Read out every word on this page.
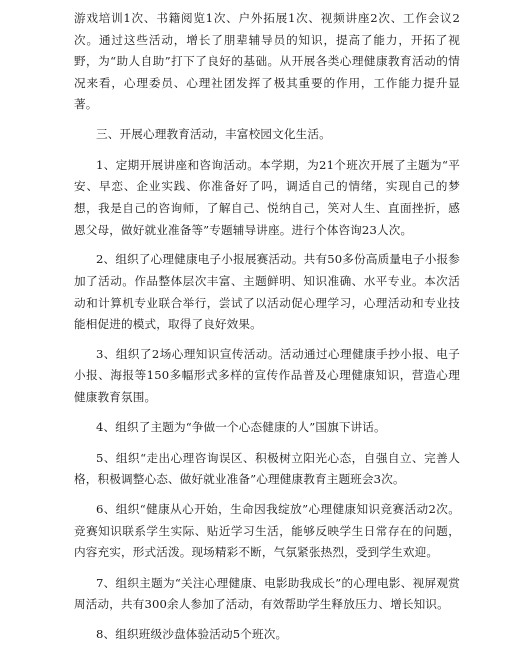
游戏培训1次、书籍阅览1次、户外拓展1次、视频讲座2次、工作会议2次。通过这些活动，增长了朋辈辅导员的知识，提高了能力，开拓了视野，为“助人自助”打下了良好的基础。从开展各类心理健康教育活动的情况来看，心理委员、心理社团发挥了极其重要的作用，工作能力提升显著。

三、开展心理教育活动，丰富校园文化生活。

1、定期开展讲座和咨询活动。本学期，为21个班次开展了主题为“平安、早恋、企业实践、你准备好了吗，调适自己的情绪，实现自己的梦想，我是自己的咨询师，了解自己、悦纳自己，笑对人生、直面挫折，感恩父母，做好就业准备等”专题辅导讲座。进行个体咨询23人次。

2、组织了心理健康电子小报展赛活动。共有50多份高质量电子小报参加了活动。作品整体层次丰富、主题鲜明、知识准确、水平专业。本次活动和计算机专业联合举行，尝试了以活动促心理学习，心理活动和专业技能相促进的模式，取得了良好效果。

3、组织了2场心理知识宣传活动。活动通过心理健康手抄小报、电子小报、海报等150多幅形式多样的宣传作品普及心理健康知识，营造心理健康教育氛围。

4、组织了主题为“争做一个心态健康的人”国旗下讲话。

5、组织“走出心理咨询误区、积极树立阳光心态，自强自立、完善人格，积极调整心态、做好就业准备”心理健康教育主题班会3次。

6、组织“健康从心开始，生命因我绽放”心理健康知识竞赛活动2次。竞赛知识联系学生实际、贴近学习生活，能够反映学生日常存在的问题，内容充实，形式活泼。现场精彩不断，气氛紧张热烈，受到学生欢迎。

7、组织主题为“关注心理健康、电影助我成长”的心理电影、视屏观赏周活动，共有300余人参加了活动，有效帮助学生释放压力、增长知识。

8、组织班级沙盘体验活动5个班次。
